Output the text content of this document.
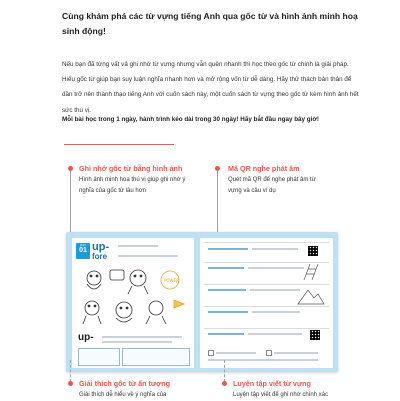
Cùng khám phá các từ vựng tiếng Anh qua gốc từ và hình ảnh minh hoạ sinh động!
Nếu bạn đã từng vất vả ghi nhớ từ vựng nhưng vẫn quên nhanh thì học theo gốc từ chính là giải pháp. Hiểu gốc từ giúp bạn suy luận nghĩa nhanh hơn và mở rộng vốn từ dễ dàng. Hãy thử thách bản thân để dần trở nên thành thạo tiếng Anh với cuốn sách này, một cuốn sách từ vựng theo gốc từ kèm hình ảnh hết sức thú vị.
Mỗi bài học trong 1 ngày, hành trình kéo dài trong 30 ngày! Hãy bắt đầu ngay bây giờ!
Ghi nhớ gốc từ bằng hình ảnh
Hình ảnh minh hoạ thú vị giúp ghi nhớ ý nghĩa của gốc từ lâu hơn
Mã QR nghe phát âm
Quét mã QR để nghe phát âm từ vựng và câu ví dụ
DAY
01 up-
fore
POWER
up-
Giải thích gốc từ ấn tượng
Giải thích dễ hiểu về ý nghĩa của
Luyện tập viết từ vựng
Luyện tập viết để ghi nhớ chính xác
